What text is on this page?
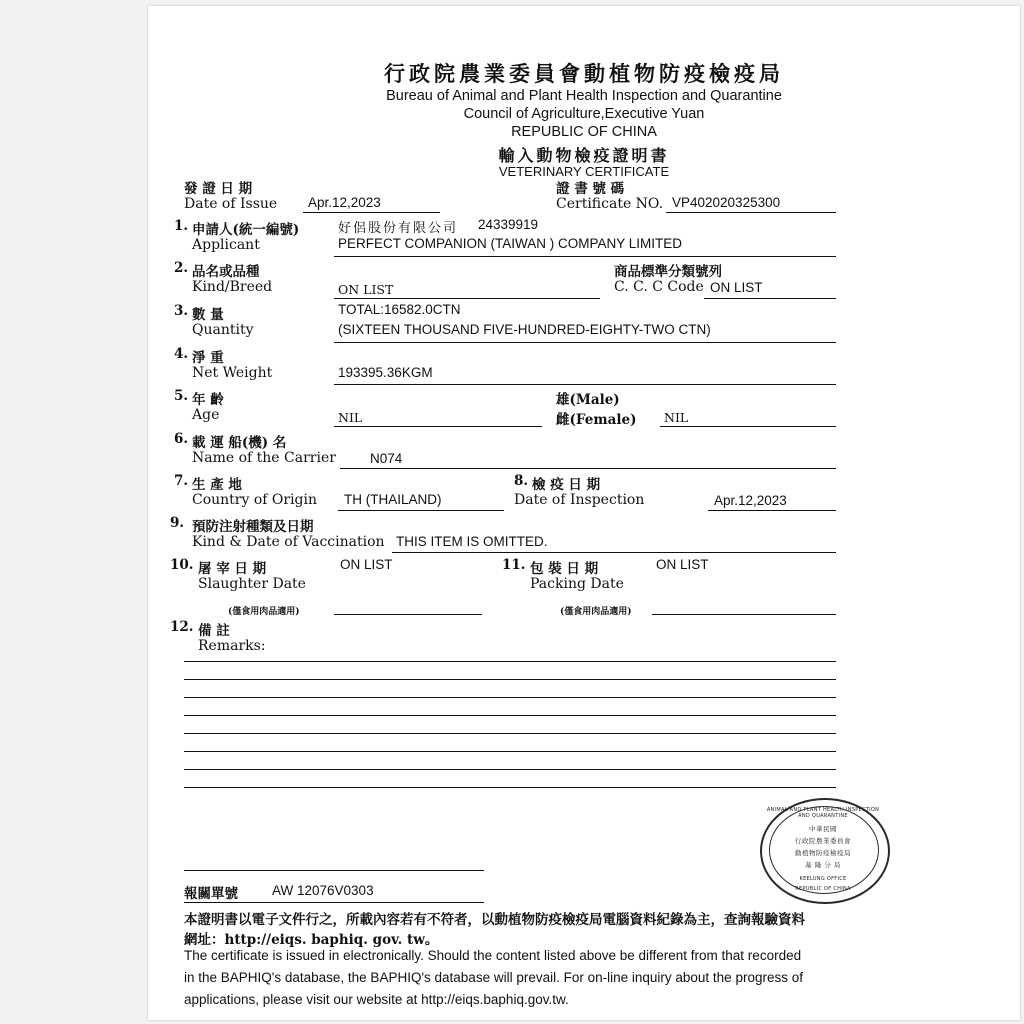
行政院農業委員會動植物防疫檢疫局
Bureau of Animal and Plant Health Inspection and Quarantine
Council of Agriculture,Executive Yuan
REPUBLIC OF CHINA
輸入動物檢疫證明書
VETERINARY CERTIFICATE
發 證 日 期
Date of Issue Apr.12,2023
證 書 號 碼
Certificate NO. VP402020325300
1. 申請人(統一編號)
Applicant
好侶股份有限公司 24339919
PERFECT COMPANION (TAIWAN ) COMPANY LIMITED
2. 品名或品種
Kind/Breed	ON LIST
商品標準分類號列
C. C. C Code ON LIST
3. 數 量
Quantity
TOTAL:16582.0CTN
(SIXTEEN THOUSAND FIVE-HUNDRED-EIGHTY-TWO CTN)
4. 淨 重
Net Weight	193395.36KGM
5. 年 齡
Age	NIL
雄(Male)
雌(Female) NIL
6. 載 運 船(機) 名
Name of the Carrier	N074
7. 生 產 地
Country of Origin TH (THAILAND)
8. 檢 疫 日 期
Date of Inspection	Apr.12,2023
9. 預防注射種類及日期
Kind & Date of Vaccination THIS ITEM IS OMITTED.
10. 屠 宰 日 期
Slaughter Date
ON LIST
(僅食用肉品適用)
11. 包 裝 日 期
Packing Date
ON LIST
(僅食用肉品適用)
12. 備 註
Remarks:
ANIMAL AND PLANT HEALTH INSPECTION AND QUARANTINE
中華民國
行政院農業委員會
動植物防疫檢疫局
基 隆 分 局
KEELUNG OFFICE
REPUBLIC OF CHINA
報關單號	AW 12076V0303
本證明書以電子文件行之，所載內容若有不符者，以動植物防疫檢疫局電腦資料紀錄為主，查詢報驗資料
網址：http://eiqs. baphiq. gov. tw。
The certificate is issued in electronically. Should the content listed above be different from that recorded
in the BAPHIQ's database, the BAPHIQ's database will prevail. For on-line inquiry about the progress of
applications, please visit our website at http://eiqs.baphiq.gov.tw.
